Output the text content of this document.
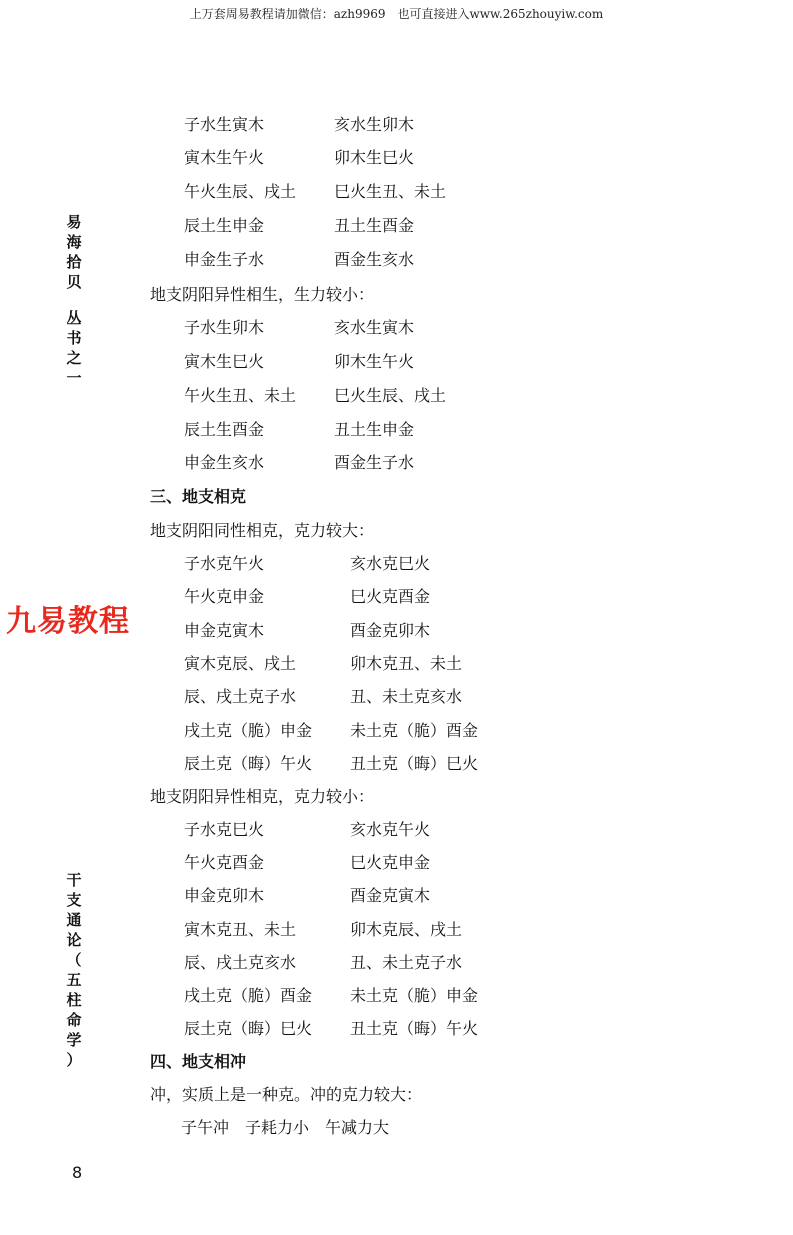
上万套周易教程请加微信：azh9969　也可直接进入www.265zhouyiw.com
易
海
拾
贝
丛
书
之
一
干
支
通
论
（
五
柱
命
学
）
九易教程
子水生寅木	亥水生卯木
寅木生午火	卯木生巳火
午火生辰、戌土 巳火生丑、未土
辰土生申金	丑土生酉金
申金生子水	酉金生亥水
地支阴阳异性相生，生力较小：
子水生卯木	亥水生寅木
寅木生巳火	卯木生午火
午火生丑、未土 巳火生辰、戌土
辰土生酉金	丑土生申金
申金生亥水	酉金生子水
三、地支相克
地支阴阳同性相克，克力较大：
子水克午火	亥水克巳火
午火克申金	巳火克酉金
申金克寅木	酉金克卯木
寅木克辰、戌土	卯木克丑、未土
辰、戌土克子水	丑、未土克亥水
戌土克（脆）申金 未土克（脆）酉金
辰土克（晦）午火 丑土克（晦）巳火
地支阴阳异性相克，克力较小：
子水克巳火	亥水克午火
午火克酉金	巳火克申金
申金克卯木	酉金克寅木
寅木克丑、未土	卯木克辰、戌土
辰、戌土克亥水	丑、未土克子水
戌土克（脆）酉金 未土克（脆）申金
辰土克（晦）巳火 丑土克（晦）午火
四、地支相冲
冲，实质上是一种克。冲的克力较大：
子午冲　子耗力小　午减力大
8
